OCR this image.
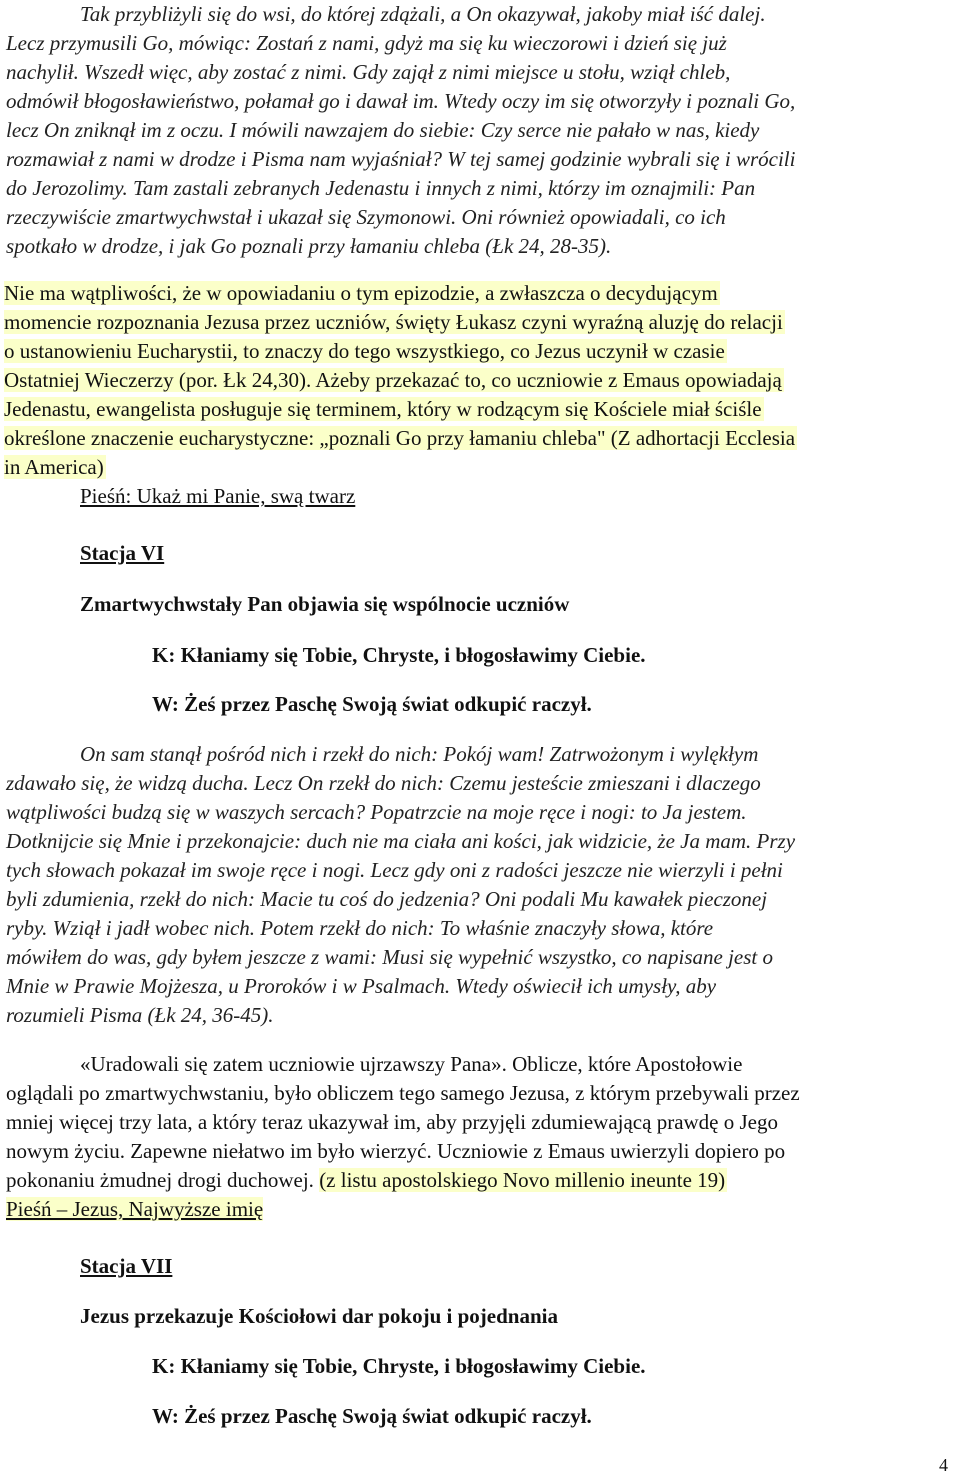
Tak przybliżyli się do wsi, do której zdążali, a On okazywał, jakoby miał iść dalej.
Lecz przymusili Go, mówiąc: Zostań z nami, gdyż ma się ku wieczorowi i dzień się już
nachylił. Wszedł więc, aby zostać z nimi. Gdy zajął z nimi miejsce u stołu, wziął chleb,
odmówił błogosławieństwo, połamał go i dawał im. Wtedy oczy im się otworzyły i poznali Go,
lecz On zniknął im z oczu. I mówili nawzajem do siebie: Czy serce nie pałało w nas, kiedy
rozmawiał z nami w drodze i Pisma nam wyjaśniał? W tej samej godzinie wybrali się i wrócili
do Jerozolimy. Tam zastali zebranych Jedenastu i innych z nimi, którzy im oznajmili: Pan
rzeczywiście zmartwychwstał i ukazał się Szymonowi. Oni również opowiadali, co ich
spotkało w drodze, i jak Go poznali przy łamaniu chleba (Łk 24, 28-35).
Nie ma wątpliwości, że w opowiadaniu o tym epizodzie, a zwłaszcza o decydującym
momencie rozpoznania Jezusa przez uczniów, święty Łukasz czyni wyraźną aluzję do relacji
o ustanowieniu Eucharystii, to znaczy do tego wszystkiego, co Jezus uczynił w czasie
Ostatniej Wieczerzy (por. Łk 24,30). Ażeby przekazać to, co uczniowie z Emaus opowiadają
Jedenastu, ewangelista posługuje się terminem, który w rodzącym się Kościele miał ściśle
określone znaczenie eucharystyczne: „poznali Go przy łamaniu chleba" (Z adhortacji Ecclesia
in America)
Pieśń: Ukaż mi Panie, swą twarz
Stacja VI
Zmartwychwstały Pan objawia się wspólnocie uczniów
K: Kłaniamy się Tobie, Chryste, i błogosławimy Ciebie.
W: Żeś przez Paschę Swoją świat odkupić raczył.
On sam stanął pośród nich i rzekł do nich: Pokój wam! Zatrwożonym i wylękłym
zdawało się, że widzą ducha. Lecz On rzekł do nich: Czemu jesteście zmieszani i dlaczego
wątpliwości budzą się w waszych sercach? Popatrzcie na moje ręce i nogi: to Ja jestem.
Dotknijcie się Mnie i przekonajcie: duch nie ma ciała ani kości, jak widzicie, że Ja mam. Przy
tych słowach pokazał im swoje ręce i nogi. Lecz gdy oni z radości jeszcze nie wierzyli i pełni
byli zdumienia, rzekł do nich: Macie tu coś do jedzenia? Oni podali Mu kawałek pieczonej
ryby. Wziął i jadł wobec nich. Potem rzekł do nich: To właśnie znaczyły słowa, które
mówiłem do was, gdy byłem jeszcze z wami: Musi się wypełnić wszystko, co napisane jest o
Mnie w Prawie Mojżesza, u Proroków i w Psalmach. Wtedy oświecił ich umysły, aby
rozumieli Pisma (Łk 24, 36-45).
«Uradowali się zatem uczniowie ujrzawszy Pana». Oblicze, które Apostołowie
oglądali po zmartwychwstaniu, było obliczem tego samego Jezusa, z którym przebywali przez
mniej więcej trzy lata, a który teraz ukazywał im, aby przyjęli zdumiewającą prawdę o Jego
nowym życiu. Zapewne niełatwo im było wierzyć. Uczniowie z Emaus uwierzyli dopiero po
pokonaniu żmudnej drogi duchowej. (z listu apostolskiego Novo millenio ineunte 19)
Pieśń – Jezus, Najwyższe imię
Stacja VII
Jezus przekazuje Kościołowi dar pokoju i pojednania
K: Kłaniamy się Tobie, Chryste, i błogosławimy Ciebie.
W: Żeś przez Paschę Swoją świat odkupić raczył.
4
